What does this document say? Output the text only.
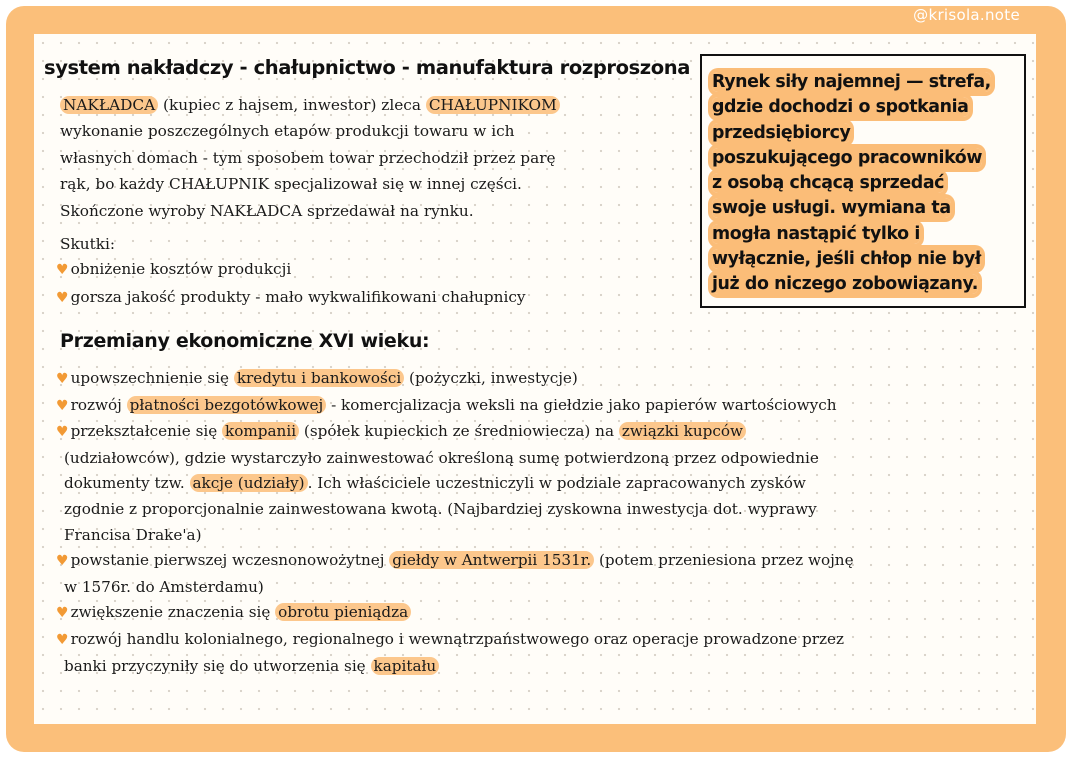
@krisola.note
system nakładczy - chałupnictwo - manufaktura rozproszona

NAKŁADCA (kupiec z hajsem, inwestor) zleca CHAŁUPNIKOM
wykonanie poszczególnych etapów produkcji towaru w ich
własnych domach - tym sposobem towar przechodził przez parę
rąk, bo każdy CHAŁUPNIK specjalizował się w innej części.
Skończone wyroby NAKŁADCA sprzedawał na rynku.

Skutki:
♥ obniżenie kosztów produkcji
♥ gorsza jakość produkty - mało wykwalifikowani chałupnicy

Rynek siły najemnej — strefa,
gdzie dochodzi o spotkania
przedsiębiorcy
poszukującego pracowników
z osobą chcącą sprzedać
swoje usługi. wymiana ta
mogła nastąpić tylko i
wyłącznie, jeśli chłop nie był
już do niczego zobowiązany.

Przemiany ekonomiczne XVI wieku:
♥ upowszechnienie się kredytu i bankowości (pożyczki, inwestycje)
♥ rozwój płatności bezgotówkowej - komercjalizacja weksli na giełdzie jako papierów wartościowych
♥ przekształcenie się kompanii (spółek kupieckich ze średniowiecza) na związki kupców
(udziałowców), gdzie wystarczyło zainwestować określoną sumę potwierdzoną przez odpowiednie
dokumenty tzw. akcje (udziały) . Ich właściciele uczestniczyli w podziale zapracowanych zysków
zgodnie z proporcjonalnie zainwestowana kwotą. (Najbardziej zyskowna inwestycja dot. wyprawy
Francisa Drake'a)
♥ powstanie pierwszej wczesnonowożytnej giełdy w Antwerpii 1531r. (potem przeniesiona przez wojnę
w 1576r. do Amsterdamu)
♥ zwiększenie znaczenia się obrotu pieniądza
♥ rozwój handlu kolonialnego, regionalnego i wewnątrzpaństwowego oraz operacje prowadzone przez
banki przyczyniły się do utworzenia się kapitału
